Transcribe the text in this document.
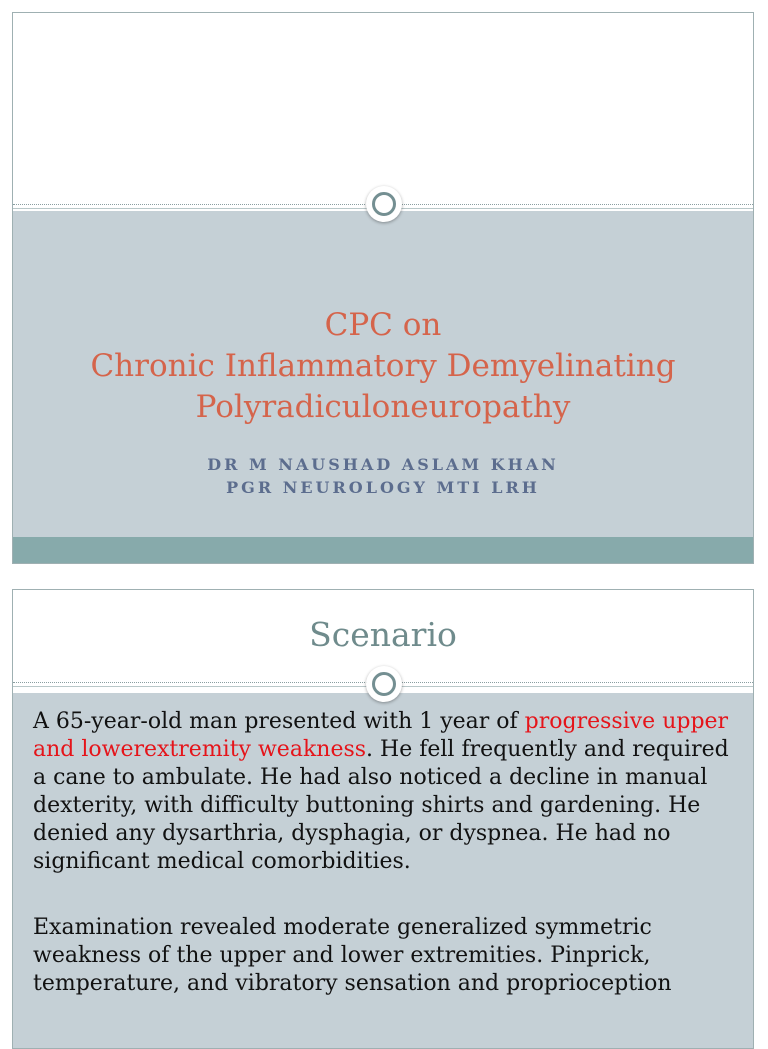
CPC on
Chronic Inflammatory Demyelinating
Polyradiculoneuropathy
DR M NAUSHAD ASLAM KHAN
PGR NEUROLOGY MTI LRH
Scenario

A 65-year-old man presented with 1 year of progressive upper and lowerextremity weakness. He fell frequently and required a cane to ambulate. He had also noticed a decline in manual dexterity, with difficulty buttoning shirts and gardening. He denied any dysarthria, dysphagia, or dyspnea. He had no significant medical comorbidities.

Examination revealed moderate generalized symmetric weakness of the upper and lower extremities. Pinprick, temperature, and vibratory sensation and proprioception
